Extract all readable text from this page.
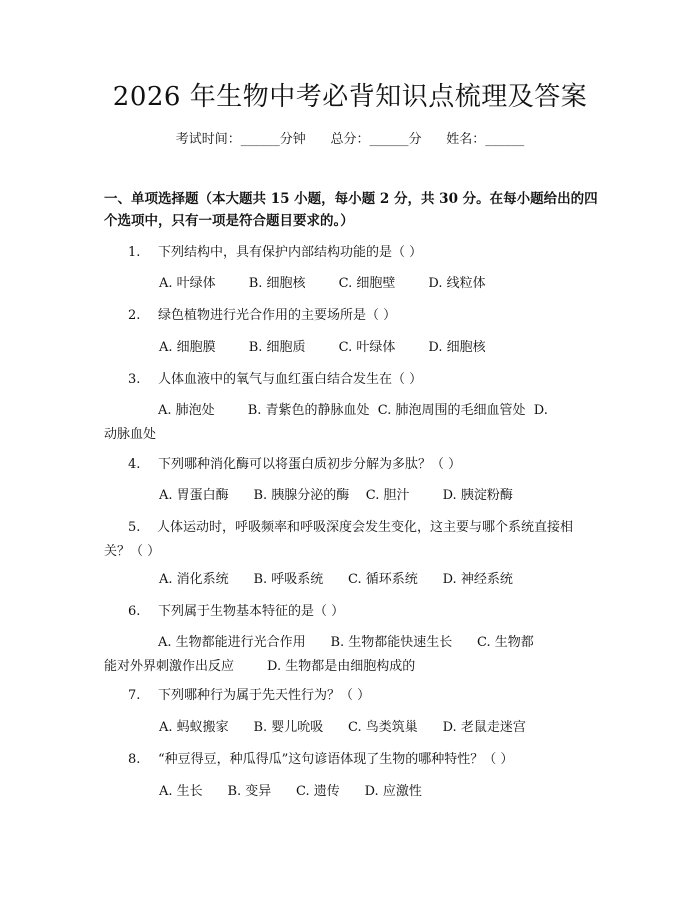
2026 年生物中考必背知识点梳理及答案
考试时间：______分钟      总分：______分      姓名：______
一、单项选择题（本大题共 15 小题，每小题 2 分，共 30 分。在每小题给出的四
个选项中，只有一项是符合题目要求的。）

1.

下列结构中，具有保护内部结构功能的是（ ）

A. 叶绿体        B. 细胞核        C. 细胞壁        D. 线粒体

2.

绿色植物进行光合作用的主要场所是（ ）

A. 细胞膜        B. 细胞质        C. 叶绿体        D. 细胞核

3.

人体血液中的氧气与血红蛋白结合发生在（ ）

A. 肺泡处        B. 青紫色的静脉血处  C. 肺泡周围的毛细血管处  D.
动脉血处

4.

下列哪种消化酶可以将蛋白质初步分解为多肽？（ ）

A. 胃蛋白酶      B. 胰腺分泌的酶    C. 胆汁        D. 胰淀粉酶
5. 人体运动时，呼吸频率和呼吸深度会发生变化，这主要与哪个系统直接相
关？（ ）
A. 消化系统      B. 呼吸系统      C. 循环系统      D. 神经系统

6.

下列属于生物基本特征的是（ ）

A. 生物都能进行光合作用      B. 生物都能快速生长      C. 生物都
能对外界刺激作出反应        D. 生物都是由细胞构成的

7.

下列哪种行为属于先天性行为？（ ）

A. 蚂蚁搬家      B. 婴儿吮吸      C. 鸟类筑巢      D. 老鼠走迷宫

8.

“种豆得豆，种瓜得瓜”这句谚语体现了生物的哪种特性？（ ）

A. 生长      B. 变异      C. 遗传      D. 应激性
